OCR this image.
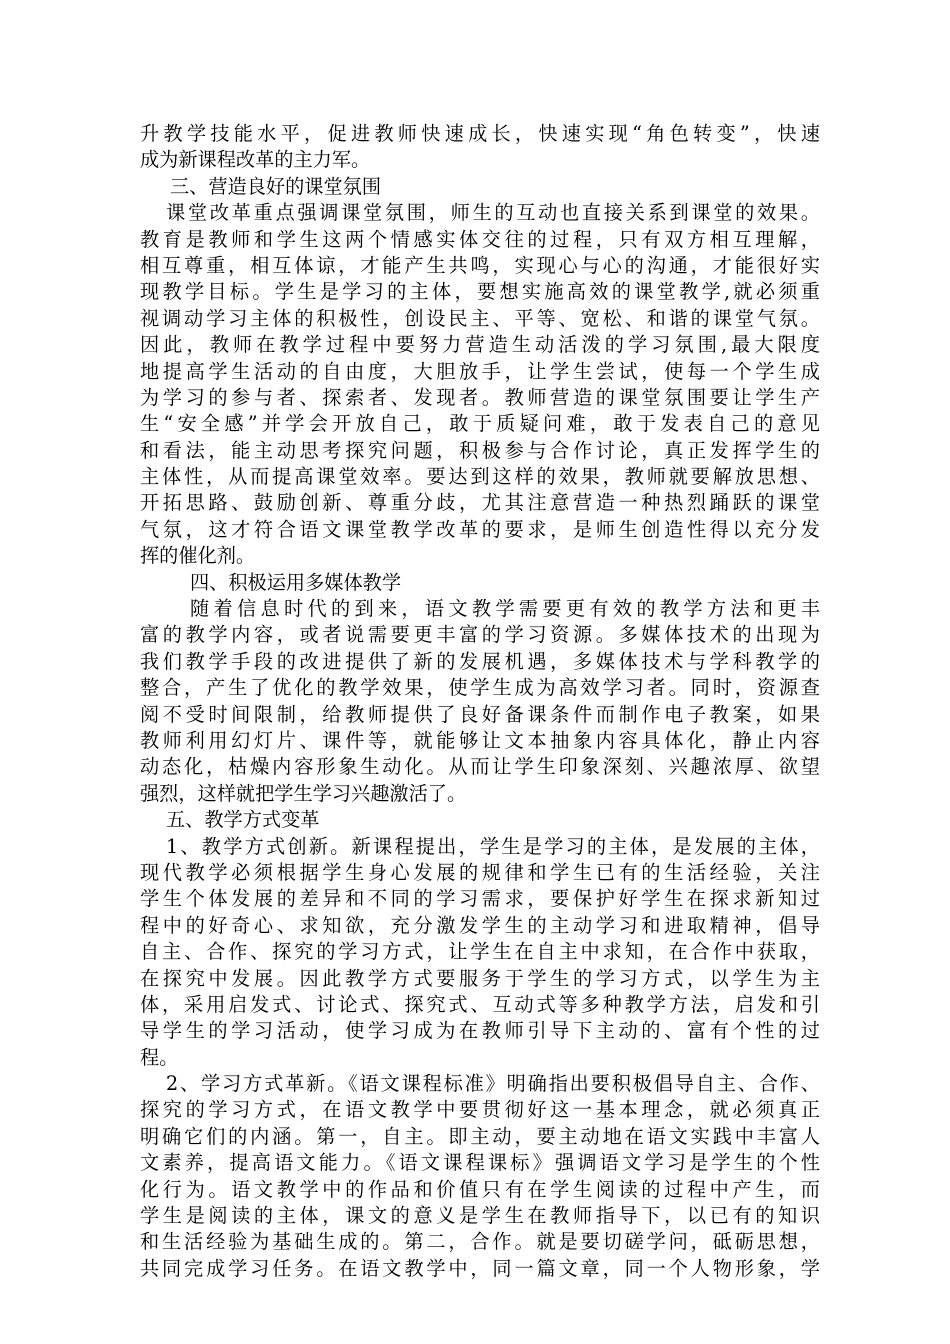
升教学技能水平，促进教师快速成长，快速实现“角色转变”，快速
成为新课程改革的主力军。
三、营造良好的课堂氛围
课堂改革重点强调课堂氛围，师生的互动也直接关系到课堂的效果。
教育是教师和学生这两个情感实体交往的过程，只有双方相互理解，
相互尊重，相互体谅，才能产生共鸣，实现心与心的沟通，才能很好实
现教学目标。学生是学习的主体，要想实施高效的课堂教学,就必须重
视调动学习主体的积极性，创设民主、平等、宽松、和谐的课堂气氛。
因此，教师在教学过程中要努力营造生动活泼的学习氛围,最大限度
地提高学生活动的自由度，大胆放手，让学生尝试，使每一个学生成
为学习的参与者、探索者、发现者。教师营造的课堂氛围要让学生产
生“安全感”并学会开放自己，敢于质疑问难，敢于发表自己的意见
和看法，能主动思考探究问题，积极参与合作讨论，真正发挥学生的
主体性，从而提高课堂效率。要达到这样的效果，教师就要解放思想、
开拓思路、鼓励创新、尊重分歧，尤其注意营造一种热烈踊跃的课堂
气氛，这才符合语文课堂教学改革的要求，是师生创造性得以充分发
挥的催化剂。
四、积极运用多媒体教学
随着信息时代的到来，语文教学需要更有效的教学方法和更丰
富的教学内容，或者说需要更丰富的学习资源。多媒体技术的出现为
我们教学手段的改进提供了新的发展机遇，多媒体技术与学科教学的
整合，产生了优化的教学效果，使学生成为高效学习者。同时，资源查
阅不受时间限制，给教师提供了良好备课条件而制作电子教案，如果
教师利用幻灯片、课件等，就能够让文本抽象内容具体化，静止内容
动态化，枯燥内容形象生动化。从而让学生印象深刻、兴趣浓厚、欲望
强烈，这样就把学生学习兴趣激活了。
五、教学方式变革
1、教学方式创新。新课程提出，学生是学习的主体，是发展的主体，
现代教学必须根据学生身心发展的规律和学生已有的生活经验，关注
学生个体发展的差异和不同的学习需求，要保护好学生在探求新知过
程中的好奇心、求知欲，充分激发学生的主动学习和进取精神，倡导
自主、合作、探究的学习方式，让学生在自主中求知，在合作中获取，
在探究中发展。因此教学方式要服务于学生的学习方式，以学生为主
体，采用启发式、讨论式、探究式、互动式等多种教学方法，启发和引
导学生的学习活动，使学习成为在教师引导下主动的、富有个性的过
程。
2、学习方式革新。《语文课程标准》明确指出要积极倡导自主、合作、
探究的学习方式，在语文教学中要贯彻好这一基本理念，就必须真正
明确它们的内涵。第一，自主。即主动，要主动地在语文实践中丰富人
文素养，提高语文能力。《语文课程课标》强调语文学习是学生的个性
化行为。语文教学中的作品和价值只有在学生阅读的过程中产生，而
学生是阅读的主体，课文的意义是学生在教师指导下，以已有的知识
和生活经验为基础生成的。第二，合作。就是要切磋学问，砥砺思想，
共同完成学习任务。在语文教学中，同一篇文章，同一个人物形象，学
